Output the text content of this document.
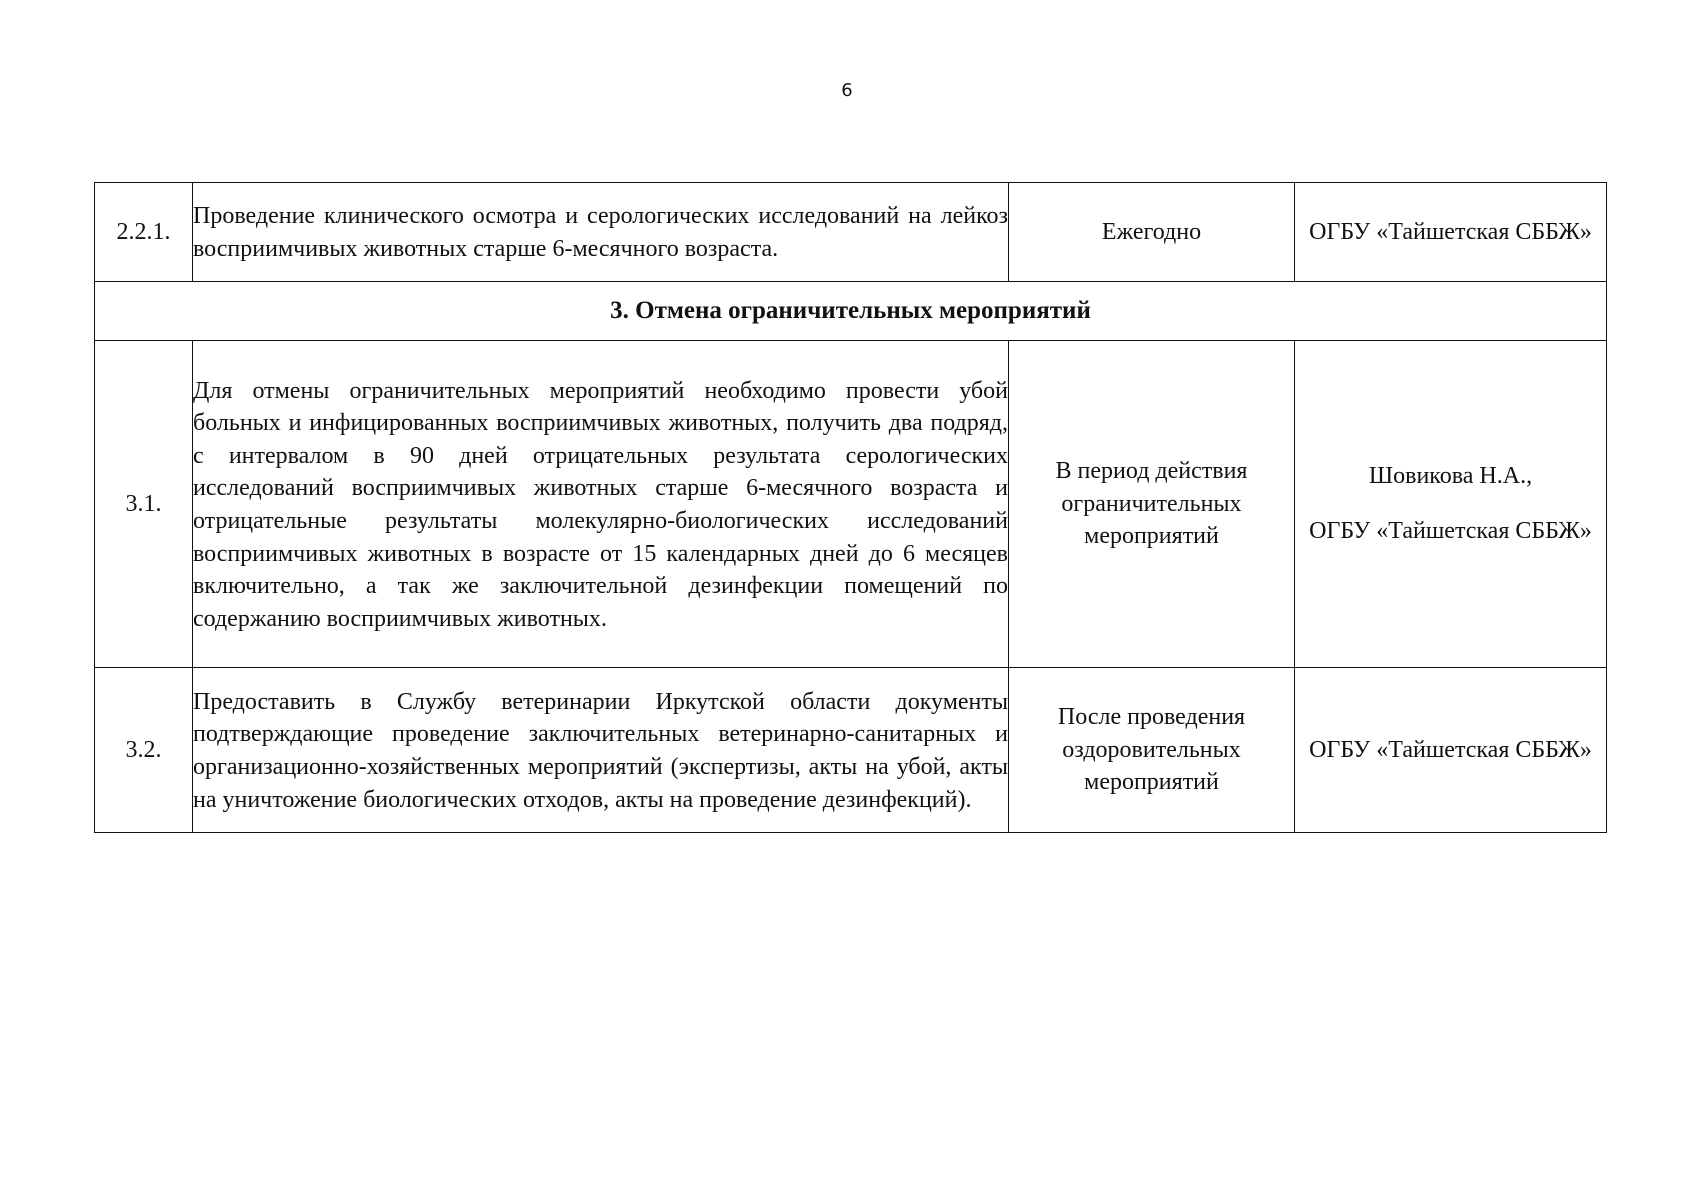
6
2.2.1.	Проведение клинического осмотра и серологических исследований на лейкоз восприимчивых животных старше 6-месячного возраста.	Ежегодно	ОГБУ «Тайшетская СББЖ»

3. Отмена ограничительных мероприятий			
3.1.	Для отмены ограничительных мероприятий необходимо провести убой больных и инфицированных восприимчивых животных, получить два подряд, с интервалом в 90 дней отрицательных результата серологических исследований восприимчивых животных старше 6-месячного возраста и отрицательные результаты молекулярно-биологических исследований восприимчивых животных в возрасте от 15 календарных дней до 6 месяцев включительно, а так же заключительной дезинфекции помещений по содержанию восприимчивых животных.	В период действия ограничительных мероприятий	Шовикова Н.А.,
ОГБУ «Тайшетская СББЖ»

3.2.	Предоставить в Службу ветеринарии Иркутской области документы подтверждающие проведение заключительных ветеринарно-санитарных и организационно-хозяйственных мероприятий (экспертизы, акты на убой, акты на уничтожение биологических отходов, акты на проведение дезинфекций).	После проведения оздоровительных мероприятий	ОГБУ «Тайшетская СББЖ»
